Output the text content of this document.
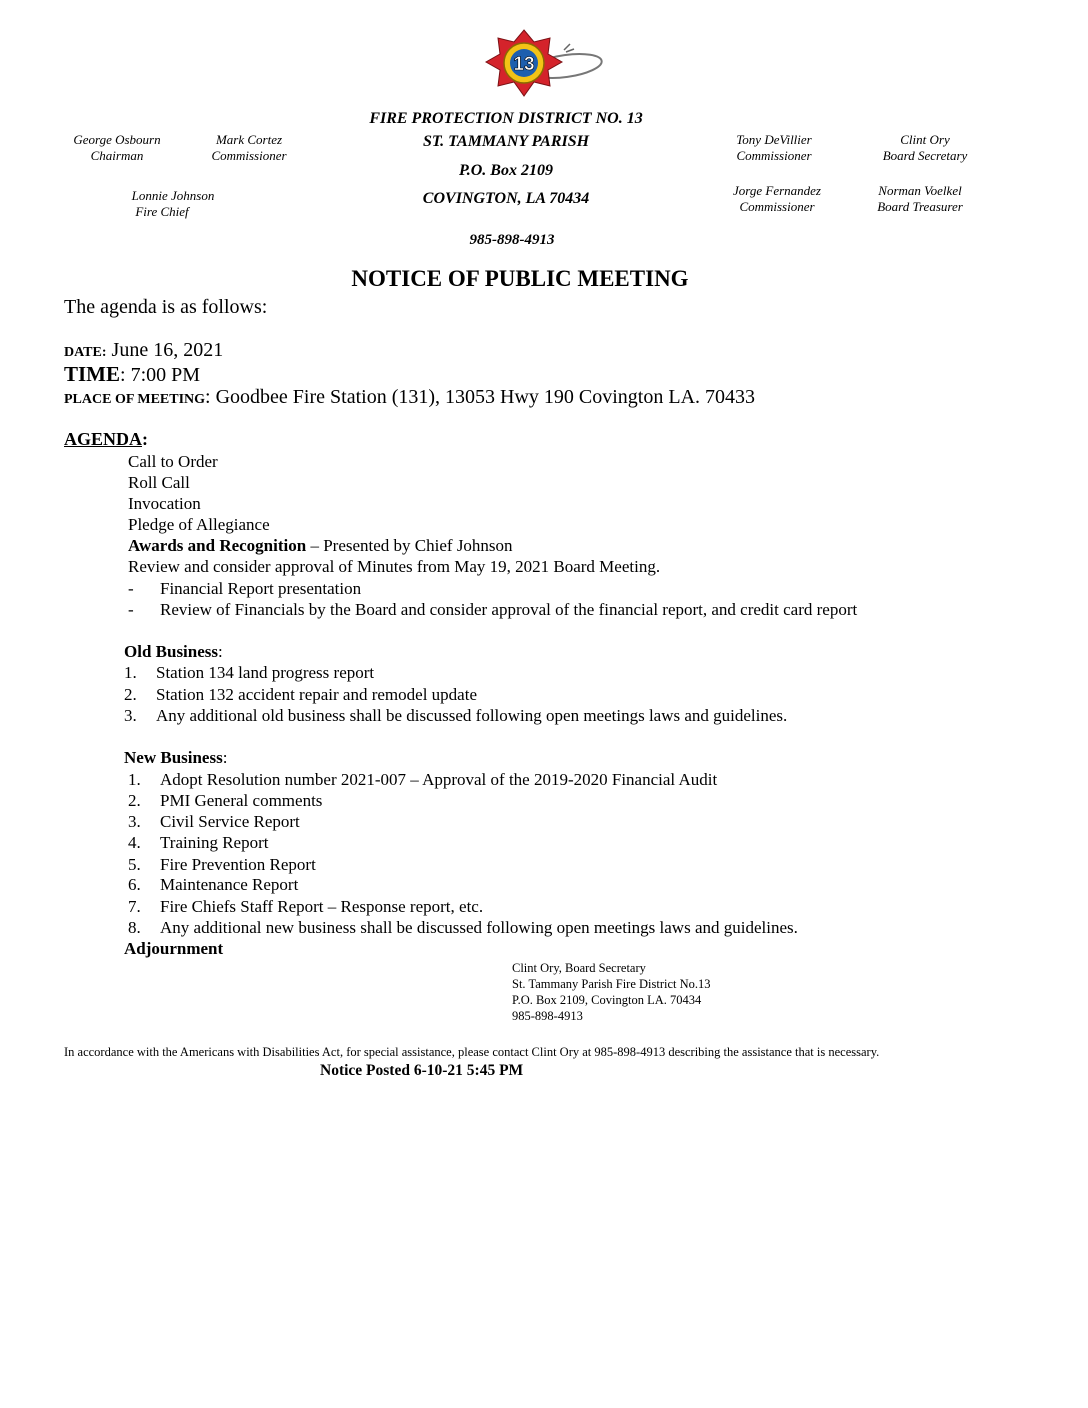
13
George Osbourn
Chairman
Mark Cortez
Commissioner
Lonnie Johnson
Fire Chief
Tony DeVillier
Commissioner
Clint Ory
Board Secretary
Jorge Fernandez
Commissioner
Norman Voelkel
Board Treasurer
FIRE PROTECTION DISTRICT NO. 13
ST. TAMMANY PARISH
P.O. Box 2109
COVINGTON, LA 70434
985-898-4913
NOTICE OF PUBLIC MEETING
The agenda is as follows:
DATE: June 16, 2021
TIME: 7:00 PM
PLACE OF MEETING: Goodbee Fire Station (131), 13053 Hwy 190 Covington LA. 70433
AGENDA:
Call to Order
Roll Call
Invocation
Pledge of Allegiance
Awards and Recognition – Presented by Chief Johnson
Review and consider approval of Minutes from May 19, 2021 Board Meeting.
- Financial Report presentation
- Review of Financials by the Board and consider approval of the financial report, and credit card report
Old Business:
1. Station 134 land progress report
2. Station 132 accident repair and remodel update
3. Any additional old business shall be discussed following open meetings laws and guidelines.
New Business:
1. Adopt Resolution number 2021-007 – Approval of the 2019-2020 Financial Audit
2. PMI General comments
3. Civil Service Report
4. Training Report
5. Fire Prevention Report
6. Maintenance Report
7. Fire Chiefs Staff Report – Response report, etc.
8. Any additional new business shall be discussed following open meetings laws and guidelines.
Adjournment
Clint Ory, Board Secretary
St. Tammany Parish Fire District No.13
P.O. Box 2109, Covington LA. 70434
985-898-4913
In accordance with the Americans with Disabilities Act, for special assistance, please contact Clint Ory at 985-898-4913 describing the assistance that is necessary.
Notice Posted 6-10-21 5:45 PM
